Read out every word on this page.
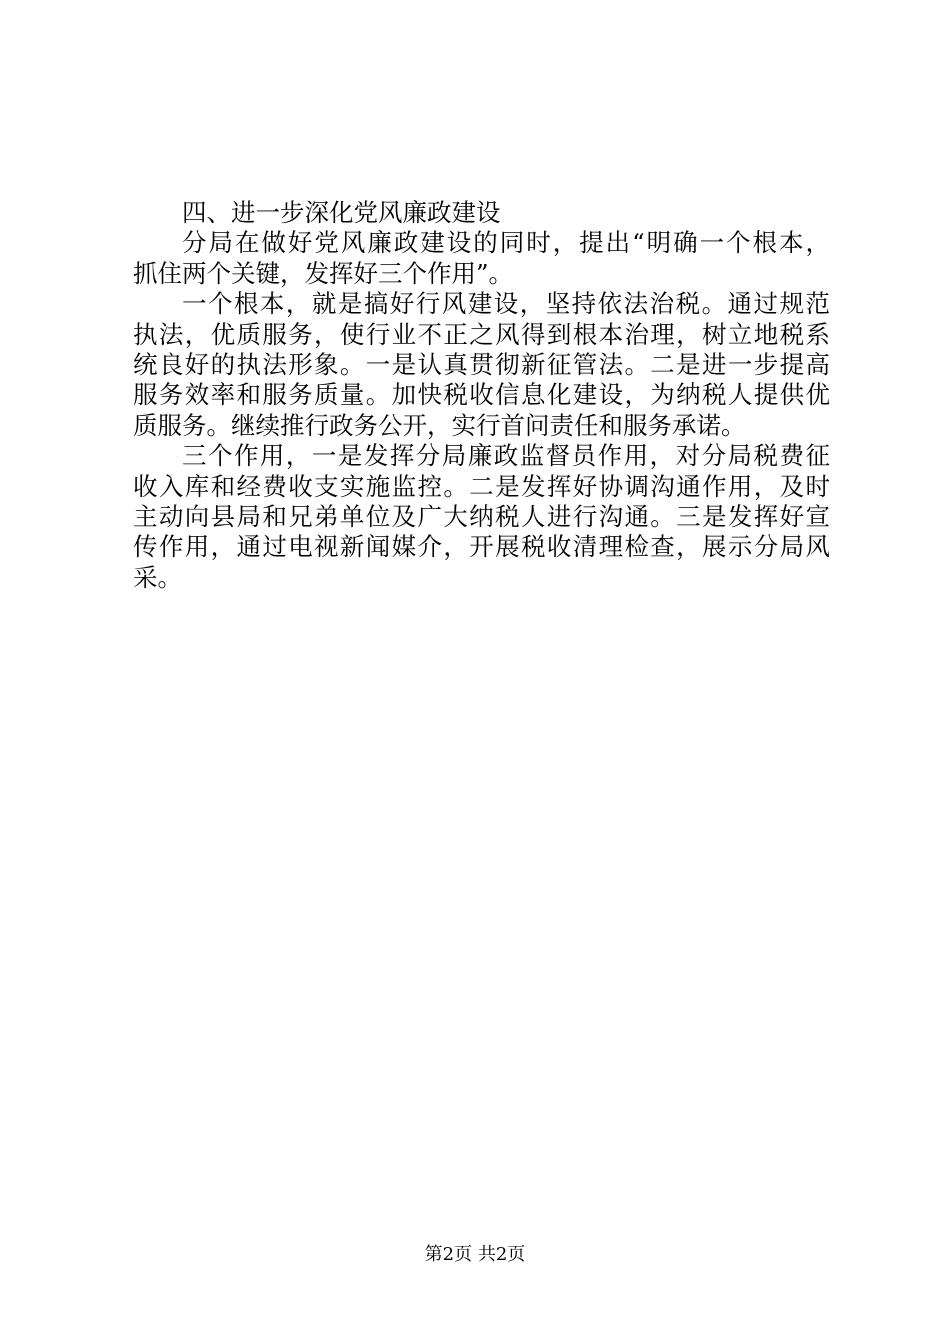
四、进一步深化党风廉政建设
分局在做好党风廉政建设的同时，提出“明确一个根本，
抓住两个关键，发挥好三个作用”。
一个根本，就是搞好行风建设，坚持依法治税。通过规范
执法，优质服务，使行业不正之风得到根本治理，树立地税系
统良好的执法形象。一是认真贯彻新征管法。二是进一步提高
服务效率和服务质量。加快税收信息化建设，为纳税人提供优
质服务。继续推行政务公开，实行首问责任和服务承诺。
三个作用，一是发挥分局廉政监督员作用，对分局税费征
收入库和经费收支实施监控。二是发挥好协调沟通作用，及时
主动向县局和兄弟单位及广大纳税人进行沟通。三是发挥好宣
传作用，通过电视新闻媒介，开展税收清理检查，展示分局风
采。
第2页 共2页
